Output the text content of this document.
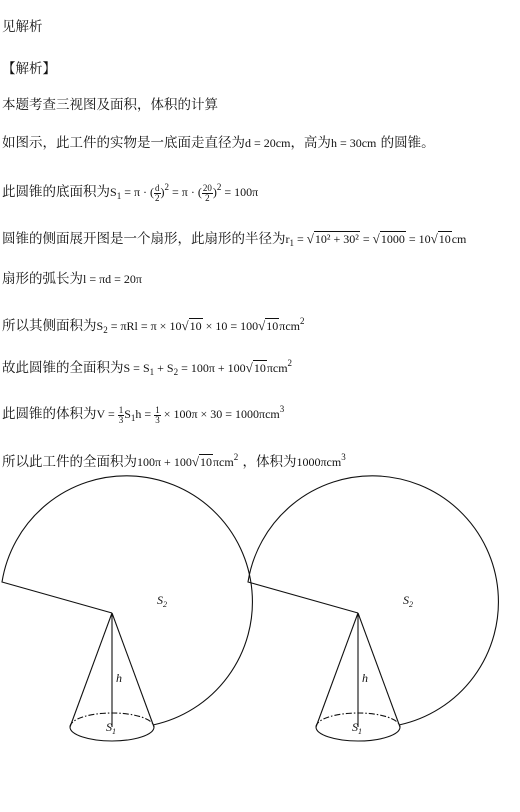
见解析
【解析】
本题考查三视图及面积，体积的计算
如图示，此工件的实物是一底面走直径为d = 20cm，高为h = 30cm 的圆锥。
此圆锥的底面积为$S_1 = \pi$ · ( $\frac{d}{2} )^2 = \pi$ · ( $\frac{20}{2} )^2 = 100\pi$
圆锥的侧面展开图是一个扇形，此扇形的半径为$r_1 = √10^2 + 30^2 = √1000 = 10√10cm$
扇形的弧长为l = πd = 20π
所以其侧面积为$S_2 = \pi Rl = \pi \times 10√10 \times 10 = 100√10\pi cm^2$
故此圆锥的全面积为$S = S_1 + S_2 = 100\pi + 100√10\pi cm^2$
此圆锥的体积为$V = \frac{1}{3} S_1h = \frac{1}{3} \times 100\pi \times 30 = 1000\pi cm^3$
所以此工件的全面积为100π + 100√10πcm$^2$ ，体积为1000πcm$^3$
$S_2$
h
$S_1$
$S_2$
h
$S_1$
